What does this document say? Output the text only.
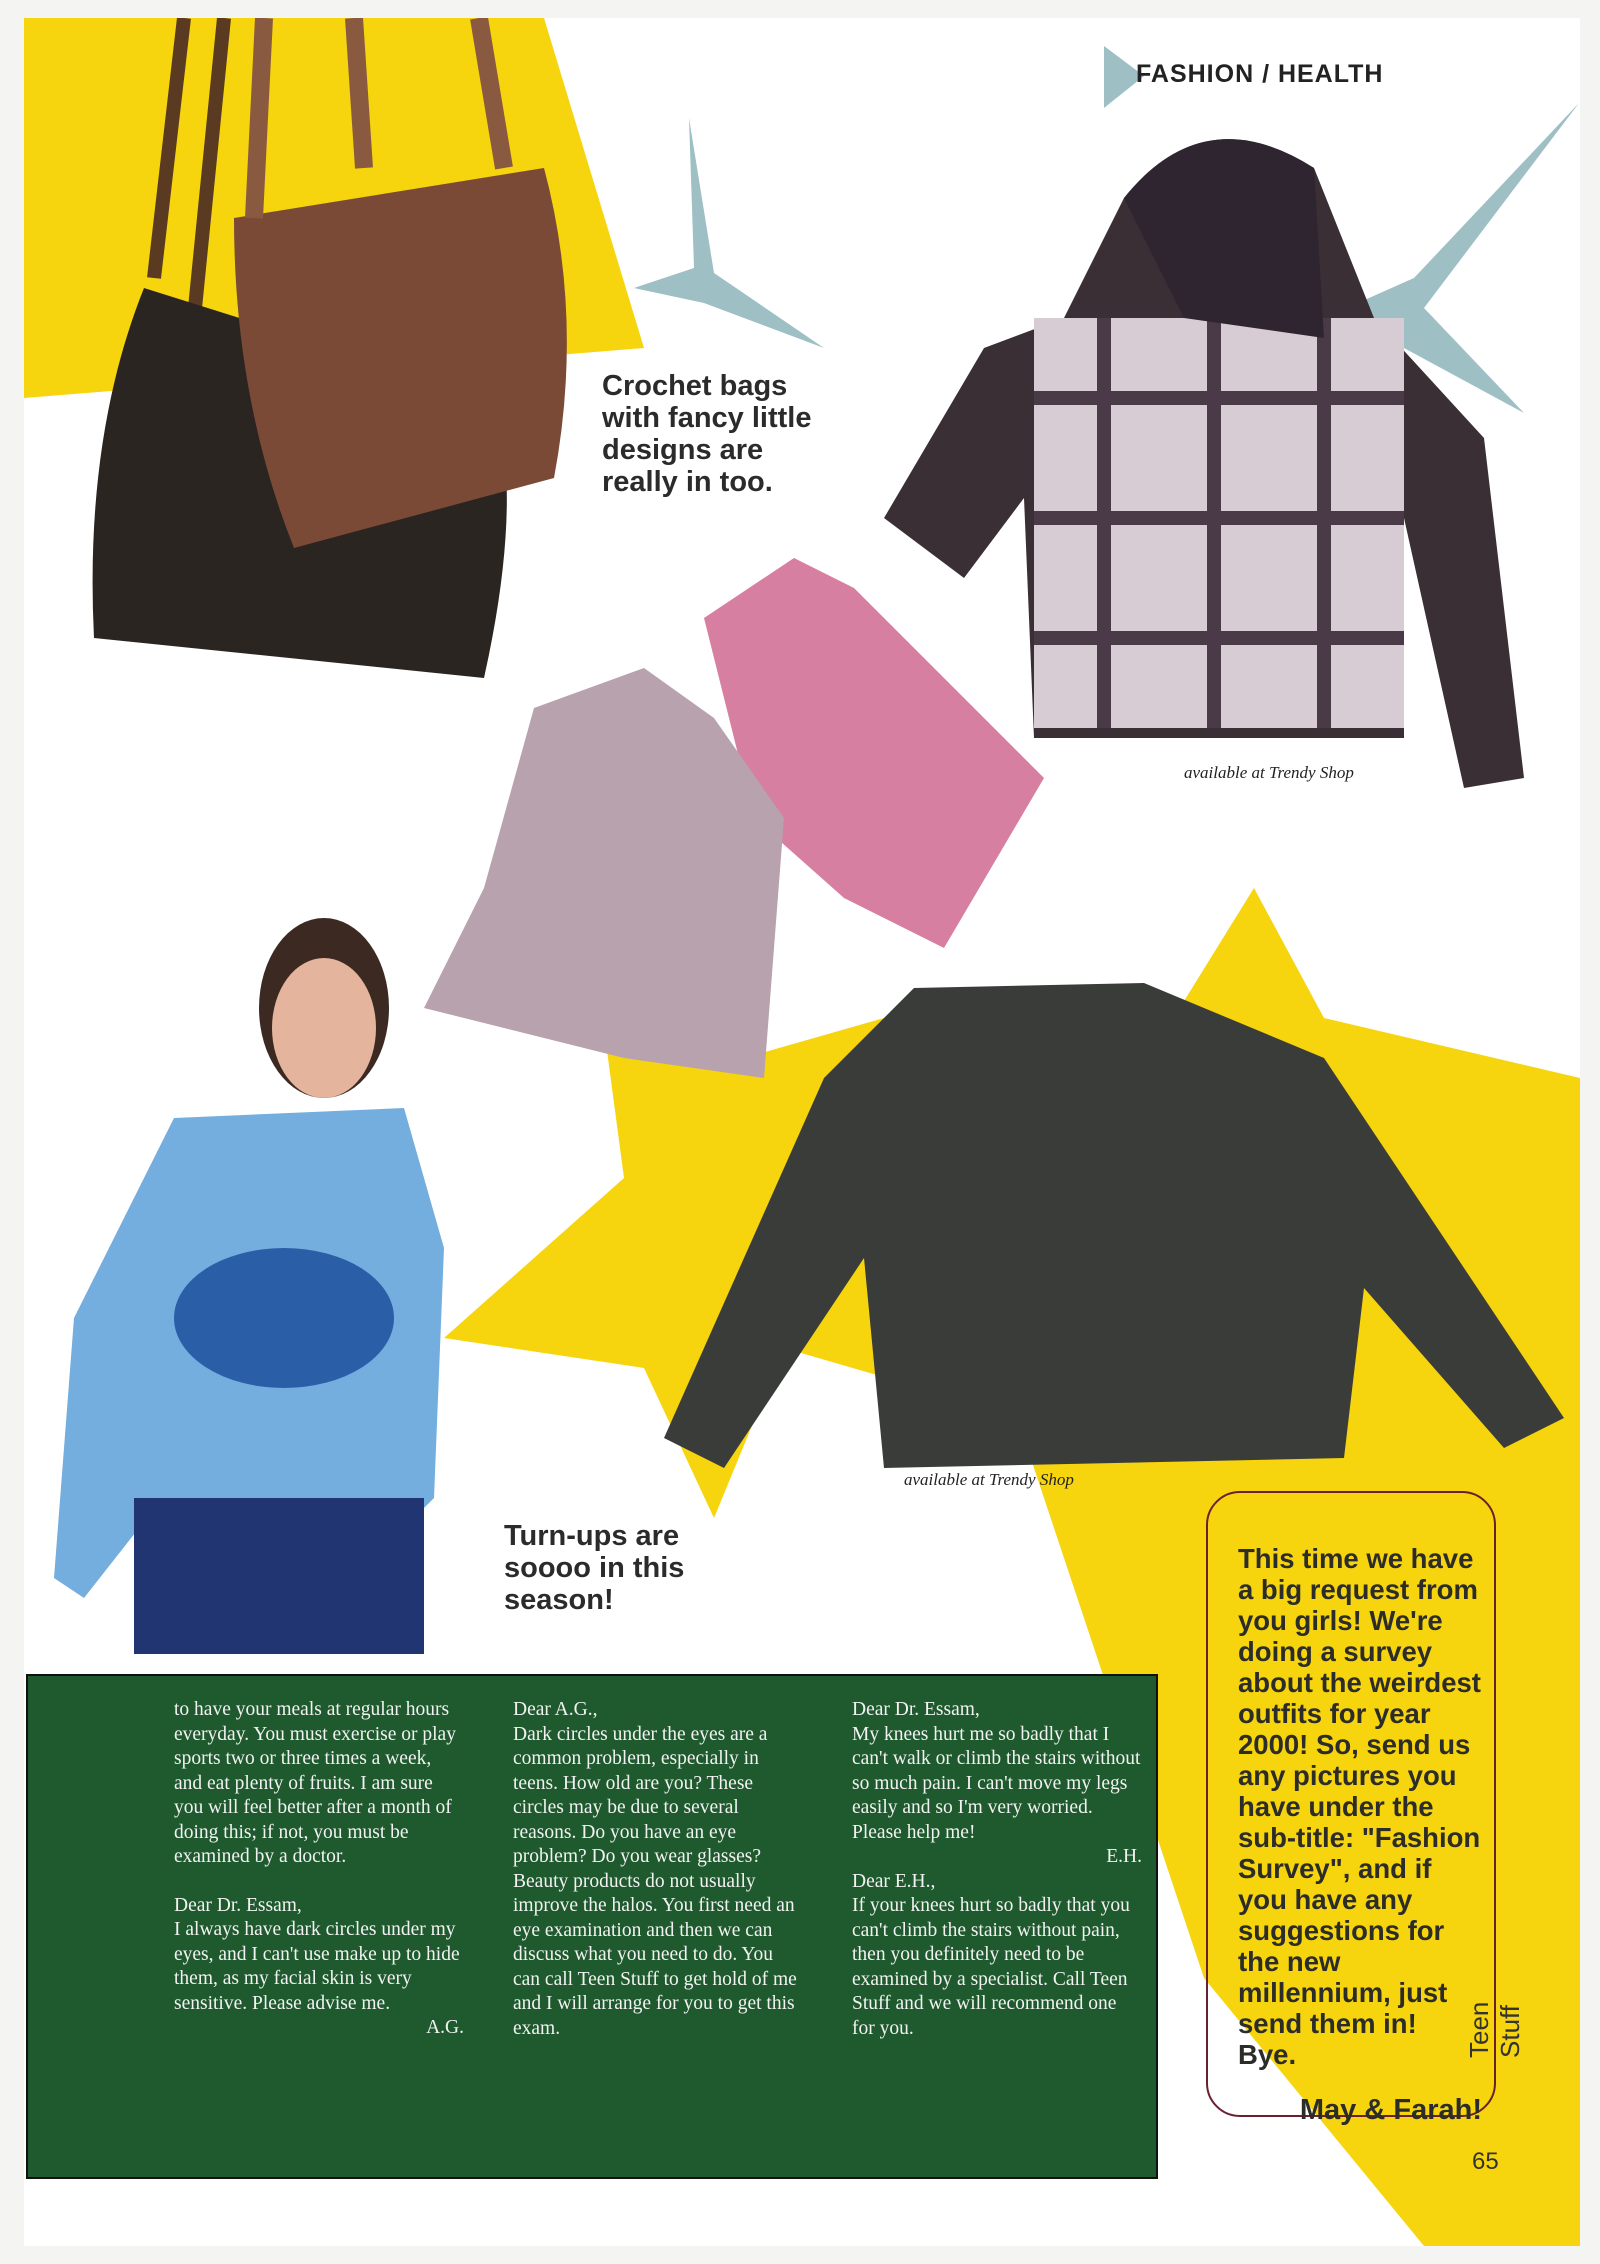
FASHION / HEALTH
Crochet bags
with fancy little
designs are
really in too.
available at Trendy Shop
available at Trendy Shop
Turn-ups are
soooo in this
season!

to have your meals at regular hours everyday. You must exercise or play sports two or three times a week, and eat plenty of fruits. I am sure you will feel better after a month of doing this; if not, you must be examined by a doctor.

Dear Dr. Essam,
I always have dark circles under my eyes, and I can't use make up to hide them, as my facial skin is very sensitive. Please advise me.

A.G.

Dear A.G.,
Dark circles under the eyes are a common problem, especially in teens. How old are you? These circles may be due to several reasons. Do you have an eye problem? Do you wear glasses? Beauty products do not usually improve the halos. You first need an eye examination and then we can discuss what you need to do. You can call Teen Stuff to get hold of me and I will arrange for you to get this exam.

Dear Dr. Essam,
My knees hurt me so badly that I can't walk or climb the stairs without so much pain. I can't move my legs easily and so I'm very worried. Please help me!

E.H.

Dear E.H.,
If your knees hurt so badly that you can't climb the stairs without pain, then you definitely need to be examined by a specialist. Call Teen Stuff and we will recommend one for you.

This time we have a big request from you girls! We're doing a survey about the weirdest outfits for year 2000! So, send us any pictures you have under the sub-title: "Fashion Survey", and if you have any suggestions for the new millennium, just send them in! Bye.
May & Farah!
Teen Stuff
65
